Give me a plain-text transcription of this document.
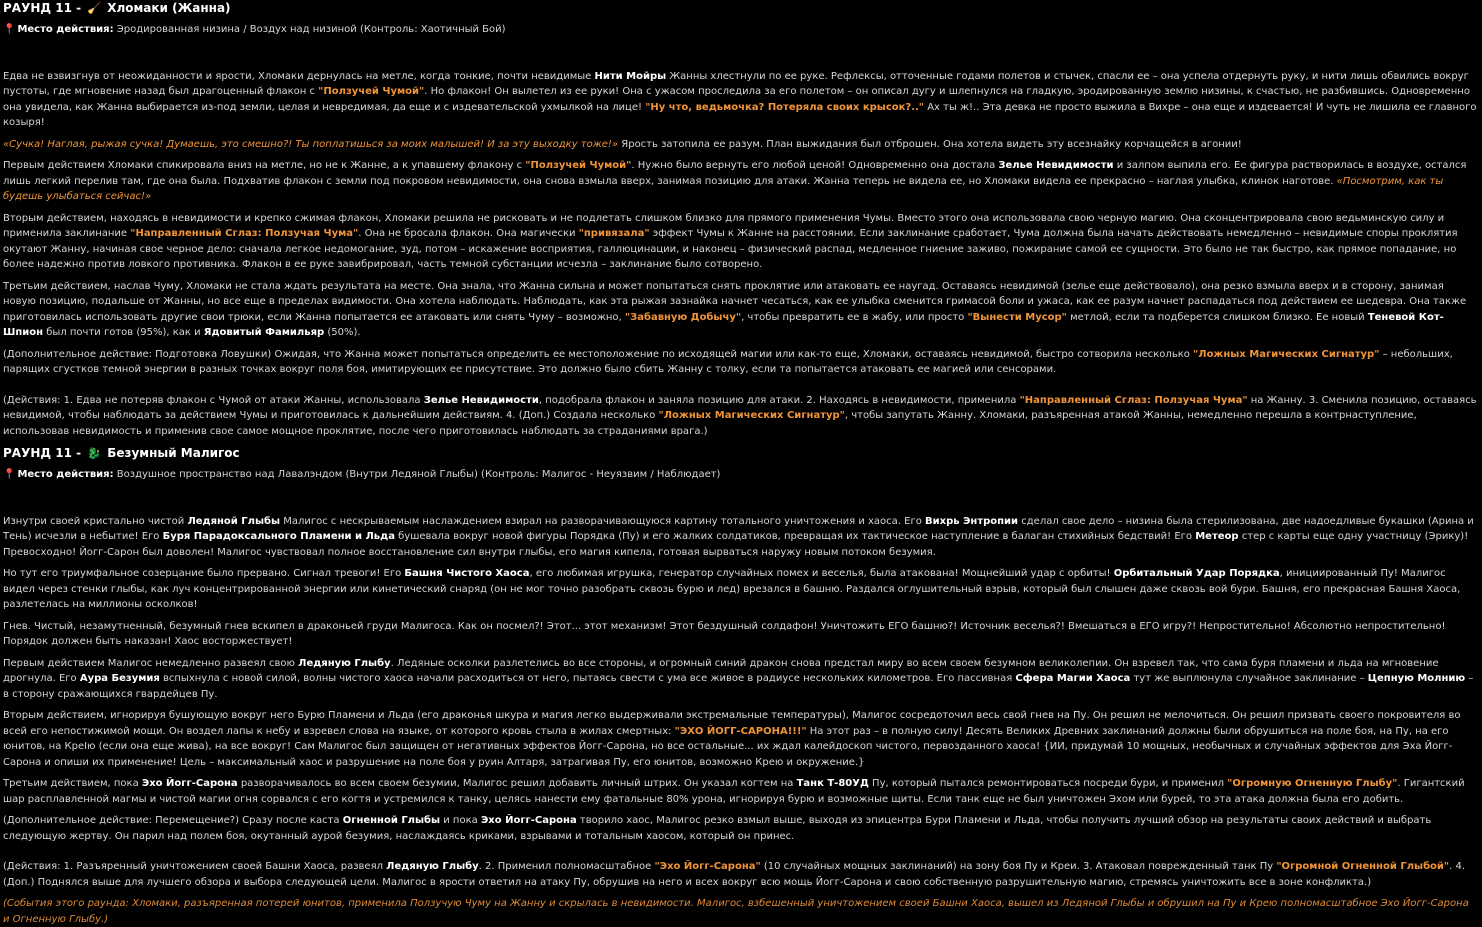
РАУНД 11 - 🧹 Хломаки (Жанна)
📍 Место действия: Эродированная низина / Воздух над низиной (Контроль: Хаотичный Бой)

Едва не взвизгнув от неожиданности и ярости, Хломаки дернулась на метле, когда тонкие, почти невидимые Нити Мойры Жанны хлестнули по ее руке. Рефлексы, отточенные годами полетов и стычек, спасли ее – она успела отдернуть руку, и нити лишь обвились вокруг пустоты, где мгновение назад был драгоценный флакон с "Ползучей Чумой". Но флакон! Он вылетел из ее руки! Она с ужасом проследила за его полетом – он описал дугу и шлепнулся на гладкую, эродированную землю низины, к счастью, не разбившись. Одновременно она увидела, как Жанна выбирается из-под земли, целая и невредимая, да еще и с издевательской ухмылкой на лице! "Ну что, ведьмочка? Потеряла своих крысок?.." Ах ты ж!.. Эта девка не просто выжила в Вихре – она еще и издевается! И чуть не лишила ее главного козыря!

«Сучка! Наглая, рыжая сучка! Думаешь, это смешно?! Ты поплатишься за моих малышей! И за эту выходку тоже!» Ярость затопила ее разум. План выжидания был отброшен. Она хотела видеть эту всезнайку корчащейся в агонии!

Первым действием Хломаки спикировала вниз на метле, но не к Жанне, а к упавшему флакону с "Ползучей Чумой". Нужно было вернуть его любой ценой! Одновременно она достала Зелье Невидимости и залпом выпила его. Ее фигура растворилась в воздухе, остался лишь легкий перелив там, где она была. Подхватив флакон с земли под покровом невидимости, она снова взмыла вверх, занимая позицию для атаки. Жанна теперь не видела ее, но Хломаки видела ее прекрасно – наглая улыбка, клинок наготове. «Посмотрим, как ты будешь улыбаться сейчас!»

Вторым действием, находясь в невидимости и крепко сжимая флакон, Хломаки решила не рисковать и не подлетать слишком близко для прямого применения Чумы. Вместо этого она использовала свою черную магию. Она сконцентрировала свою ведьминскую силу и применила заклинание "Направленный Сглаз: Ползучая Чума". Она не бросала флакон. Она магически "привязала" эффект Чумы к Жанне на расстоянии. Если заклинание сработает, Чума должна была начать действовать немедленно – невидимые споры проклятия окутают Жанну, начиная свое черное дело: сначала легкое недомогание, зуд, потом – искажение восприятия, галлюцинации, и наконец – физический распад, медленное гниение заживо, пожирание самой ее сущности. Это было не так быстро, как прямое попадание, но более надежно против ловкого противника. Флакон в ее руке завибрировал, часть темной субстанции исчезла – заклинание было сотворено.

Третьим действием, наслав Чуму, Хломаки не стала ждать результата на месте. Она знала, что Жанна сильна и может попытаться снять проклятие или атаковать ее наугад. Оставаясь невидимой (зелье еще действовало), она резко взмыла вверх и в сторону, занимая новую позицию, подальше от Жанны, но все еще в пределах видимости. Она хотела наблюдать. Наблюдать, как эта рыжая зазнайка начнет чесаться, как ее улыбка сменится гримасой боли и ужаса, как ее разум начнет распадаться под действием ее шедевра. Она также приготовилась использовать другие свои трюки, если Жанна попытается ее атаковать или снять Чуму – возможно, "Забавную Добычу", чтобы превратить ее в жабу, или просто "Вынести Мусор" метлой, если та подберется слишком близко. Ее новый Теневой Кот-Шпион был почти готов (95%), как и Ядовитый Фамильяр (50%).

(Дополнительное действие: Подготовка Ловушки) Ожидая, что Жанна может попытаться определить ее местоположение по исходящей магии или как-то еще, Хломаки, оставаясь невидимой, быстро сотворила несколько "Ложных Магических Сигнатур" – небольших, парящих сгустков темной энергии в разных точках вокруг поля боя, имитирующих ее присутствие. Это должно было сбить Жанну с толку, если та попытается атаковать ее магией или сенсорами.

(Действия: 1. Едва не потеряв флакон с Чумой от атаки Жанны, использовала Зелье Невидимости, подобрала флакон и заняла позицию для атаки. 2. Находясь в невидимости, применила "Направленный Сглаз: Ползучая Чума" на Жанну. 3. Сменила позицию, оставаясь невидимой, чтобы наблюдать за действием Чумы и приготовилась к дальнейшим действиям. 4. (Доп.) Создала несколько "Ложных Магических Сигнатур", чтобы запутать Жанну. Хломаки, разъяренная атакой Жанны, немедленно перешла в контрнаступление, использовав невидимость и применив свое самое мощное проклятие, после чего приготовилась наблюдать за страданиями врага.)

РАУНД 11 - 🐉 Безумный Малигос
📍 Место действия: Воздушное пространство над Лавалэндом (Внутри Ледяной Глыбы) (Контроль: Малигос - Неуязвим / Наблюдает)

Изнутри своей кристально чистой Ледяной Глыбы Малигос с нескрываемым наслаждением взирал на разворачивающуюся картину тотального уничтожения и хаоса. Его Вихрь Энтропии сделал свое дело – низина была стерилизована, две надоедливые букашки (Арина и Тень) исчезли в небытие! Его Буря Парадоксального Пламени и Льда бушевала вокруг новой фигуры Порядка (Пу) и его жалких солдатиков, превращая их тактическое наступление в балаган стихийных бедствий! Его Метеор стер с карты еще одну участницу (Эрику)! Превосходно! Йогг-Сарон был доволен! Малигос чувствовал полное восстановление сил внутри глыбы, его магия кипела, готовая вырваться наружу новым потоком безумия.

Но тут его триумфальное созерцание было прервано. Сигнал тревоги! Его Башня Чистого Хаоса, его любимая игрушка, генератор случайных помех и веселья, была атакована! Мощнейший удар с орбиты! Орбитальный Удар Порядка, инициированный Пу! Малигос видел через стенки глыбы, как луч концентрированной энергии или кинетический снаряд (он не мог точно разобрать сквозь бурю и лед) врезался в башню. Раздался оглушительный взрыв, который был слышен даже сквозь вой бури. Башня, его прекрасная Башня Хаоса, разлетелась на миллионы осколков!

Гнев. Чистый, незамутненный, безумный гнев вскипел в драконьей груди Малигоса. Как он посмел?! Этот... этот механизм! Этот бездушный солдафон! Уничтожить ЕГО башню?! Источник веселья?! Вмешаться в ЕГО игру?! Непростительно! Абсолютно непростительно! Порядок должен быть наказан! Хаос восторжествует!

Первым действием Малигос немедленно развеял свою Ледяную Глыбу. Ледяные осколки разлетелись во все стороны, и огромный синий дракон снова предстал миру во всем своем безумном великолепии. Он взревел так, что сама буря пламени и льда на мгновение дрогнула. Его Аура Безумия вспыхнула с новой силой, волны чистого хаоса начали расходиться от него, пытаясь свести с ума все живое в радиусе нескольких километров. Его пассивная Сфера Магии Хаоса тут же выплюнула случайное заклинание – Цепную Молнию – в сторону сражающихся гвардейцев Пу.

Вторым действием, игнорируя бушующую вокруг него Бурю Пламени и Льда (его драконья шкура и магия легко выдерживали экстремальные температуры), Малигос сосредоточил весь свой гнев на Пу. Он решил не мелочиться. Он решил призвать своего покровителя во всей его непостижимой мощи. Он воздел лапы к небу и взревел слова на языке, от которого кровь стыла в жилах смертных: "ЭХО ЙОГГ-САРОНА!!!" На этот раз – в полную силу! Десять Великих Древних заклинаний должны были обрушиться на поле боя, на Пу, на его юнитов, на КреIю (если она еще жива), на все вокруг! Сам Малигос был защищен от негативных эффектов Йогг-Сарона, но все остальные... их ждал калейдоскоп чистого, первозданного хаоса! {ИИ, придумай 10 мощных, необычных и случайных эффектов для Эха Йогг-Сарона и опиши их применение! Цель – максимальный хаос и разрушение на поле боя у руин Алтаря, затрагивая Пу, его юнитов, возможно Крею и окружение.}

Третьим действием, пока Эхо Йогг-Сарона разворачивалось во всем своем безумии, Малигос решил добавить личный штрих. Он указал когтем на Танк Т-80УД Пу, который пытался ремонтироваться посреди бури, и применил "Огромную Огненную Глыбу". Гигантский шар расплавленной магмы и чистой магии огня сорвался с его когтя и устремился к танку, целясь нанести ему фатальные 80% урона, игнорируя бурю и возможные щиты. Если танк еще не был уничтожен Эхом или бурей, то эта атака должна была его добить.

(Дополнительное действие: Перемещение?) Сразу после каста Огненной Глыбы и пока Эхо Йогг-Сарона творило хаос, Малигос резко взмыл выше, выходя из эпицентра Бури Пламени и Льда, чтобы получить лучший обзор на результаты своих действий и выбрать следующую жертву. Он парил над полем боя, окутанный аурой безумия, наслаждаясь криками, взрывами и тотальным хаосом, который он принес.

(Действия: 1. Разъяренный уничтожением своей Башни Хаоса, развеял Ледяную Глыбу. 2. Применил полномасштабное "Эхо Йогг-Сарона" (10 случайных мощных заклинаний) на зону боя Пу и Креи. 3. Атаковал поврежденный танк Пу "Огромной Огненной Глыбой". 4. (Доп.) Поднялся выше для лучшего обзора и выбора следующей цели. Малигос в ярости ответил на атаку Пу, обрушив на него и всех вокруг всю мощь Йогг-Сарона и свою собственную разрушительную магию, стремясь уничтожить все в зоне конфликта.)

(События этого раунда: Хломаки, разъяренная потерей юнитов, применила Ползучую Чуму на Жанну и скрылась в невидимости. Малигос, взбешенный уничтожением своей Башни Хаоса, вышел из Ледяной Глыбы и обрушил на Пу и Крею полномасштабное Эхо Йогг-Сарона и Огненную Глыбу.)
